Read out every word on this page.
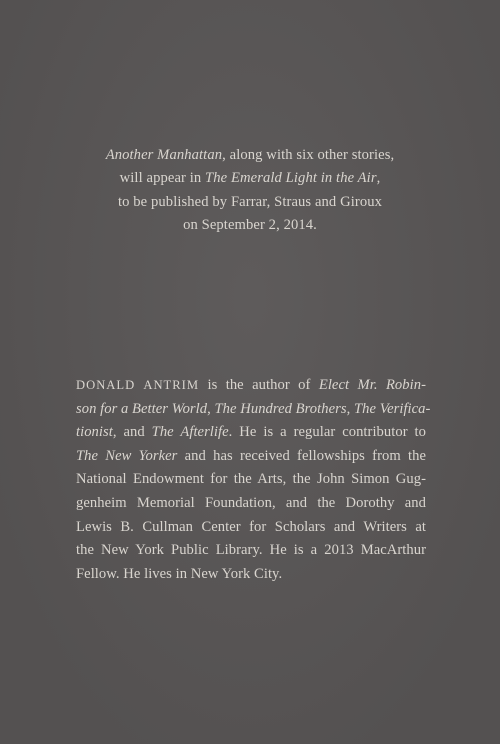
Another Manhattan, along with six other stories,
will appear in The Emerald Light in the Air,
to be published by Farrar, Straus and Giroux
on September 2, 2014.
DONALD ANTRIM is the author of Elect Mr. Robin-
son for a Better World, The Hundred Brothers, The Verifica-
tionist, and The Afterlife. He is a regular contributor to
The New Yorker and has received fellowships from the
National Endowment for the Arts, the John Simon Gug-
genheim Memorial Foundation, and the Dorothy and
Lewis B. Cullman Center for Scholars and Writers at
the New York Public Library. He is a 2013 MacArthur
Fellow. He lives in New York City.
